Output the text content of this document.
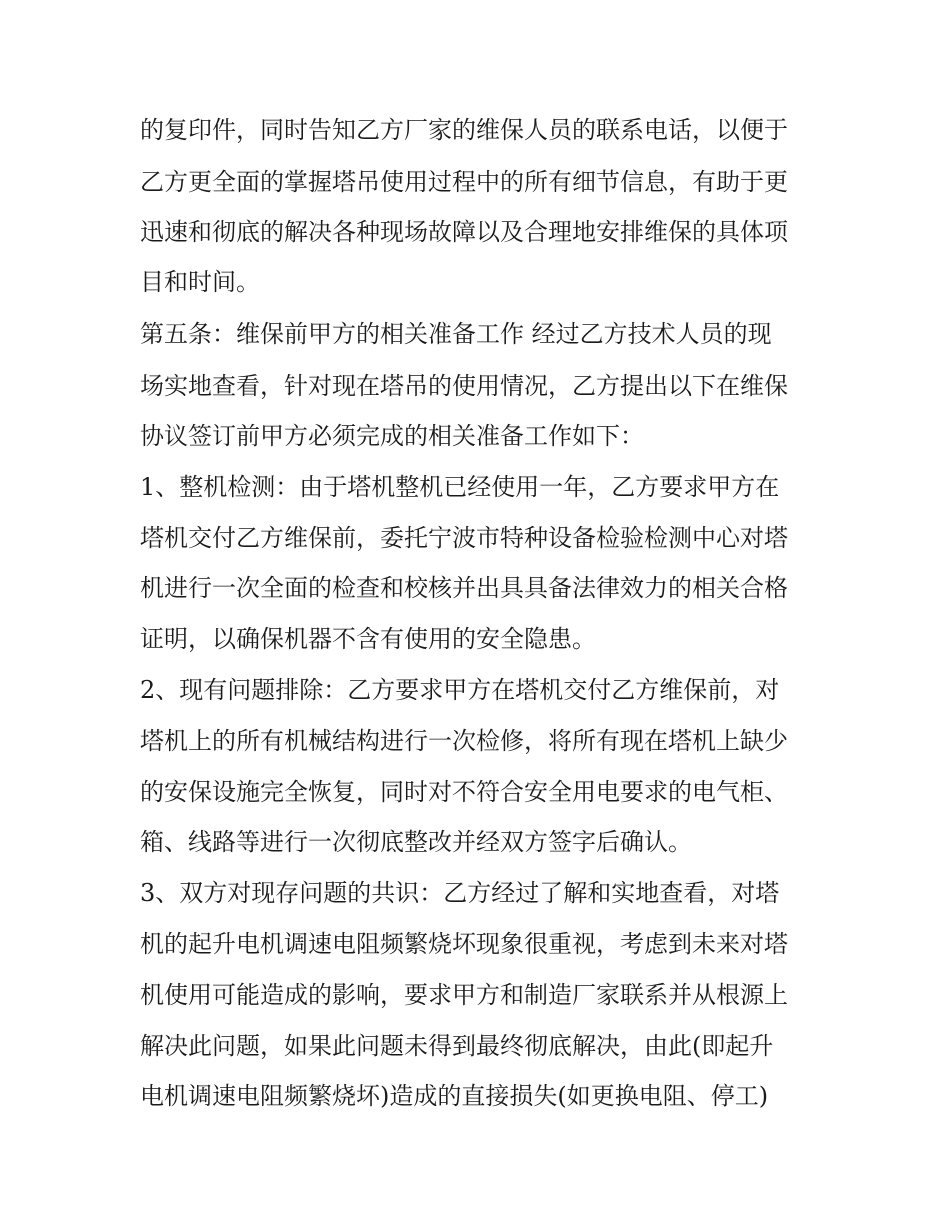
的复印件，同时告知乙方厂家的维保人员的联系电话，以便于

乙方更全面的掌握塔吊使用过程中的所有细节信息，有助于更

迅速和彻底的解决各种现场故障以及合理地安排维保的具体项

目和时间。

第五条：维保前甲方的相关准备工作 经过乙方技术人员的现

场实地查看，针对现在塔吊的使用情况，乙方提出以下在维保

协议签订前甲方必须完成的相关准备工作如下：

1、整机检测：由于塔机整机已经使用一年，乙方要求甲方在

塔机交付乙方维保前，委托宁波市特种设备检验检测中心对塔

机进行一次全面的检查和校核并出具具备法律效力的相关合格

证明，以确保机器不含有使用的安全隐患。

2、现有问题排除：乙方要求甲方在塔机交付乙方维保前，对

塔机上的所有机械结构进行一次检修，将所有现在塔机上缺少

的安保设施完全恢复，同时对不符合安全用电要求的电气柜、

箱、线路等进行一次彻底整改并经双方签字后确认。

3、双方对现存问题的共识：乙方经过了解和实地查看，对塔

机的起升电机调速电阻频繁烧坏现象很重视，考虑到未来对塔

机使用可能造成的影响，要求甲方和制造厂家联系并从根源上

解决此问题，如果此问题未得到最终彻底解决，由此(即起升

电机调速电阻频繁烧坏)造成的直接损失(如更换电阻、停工)
